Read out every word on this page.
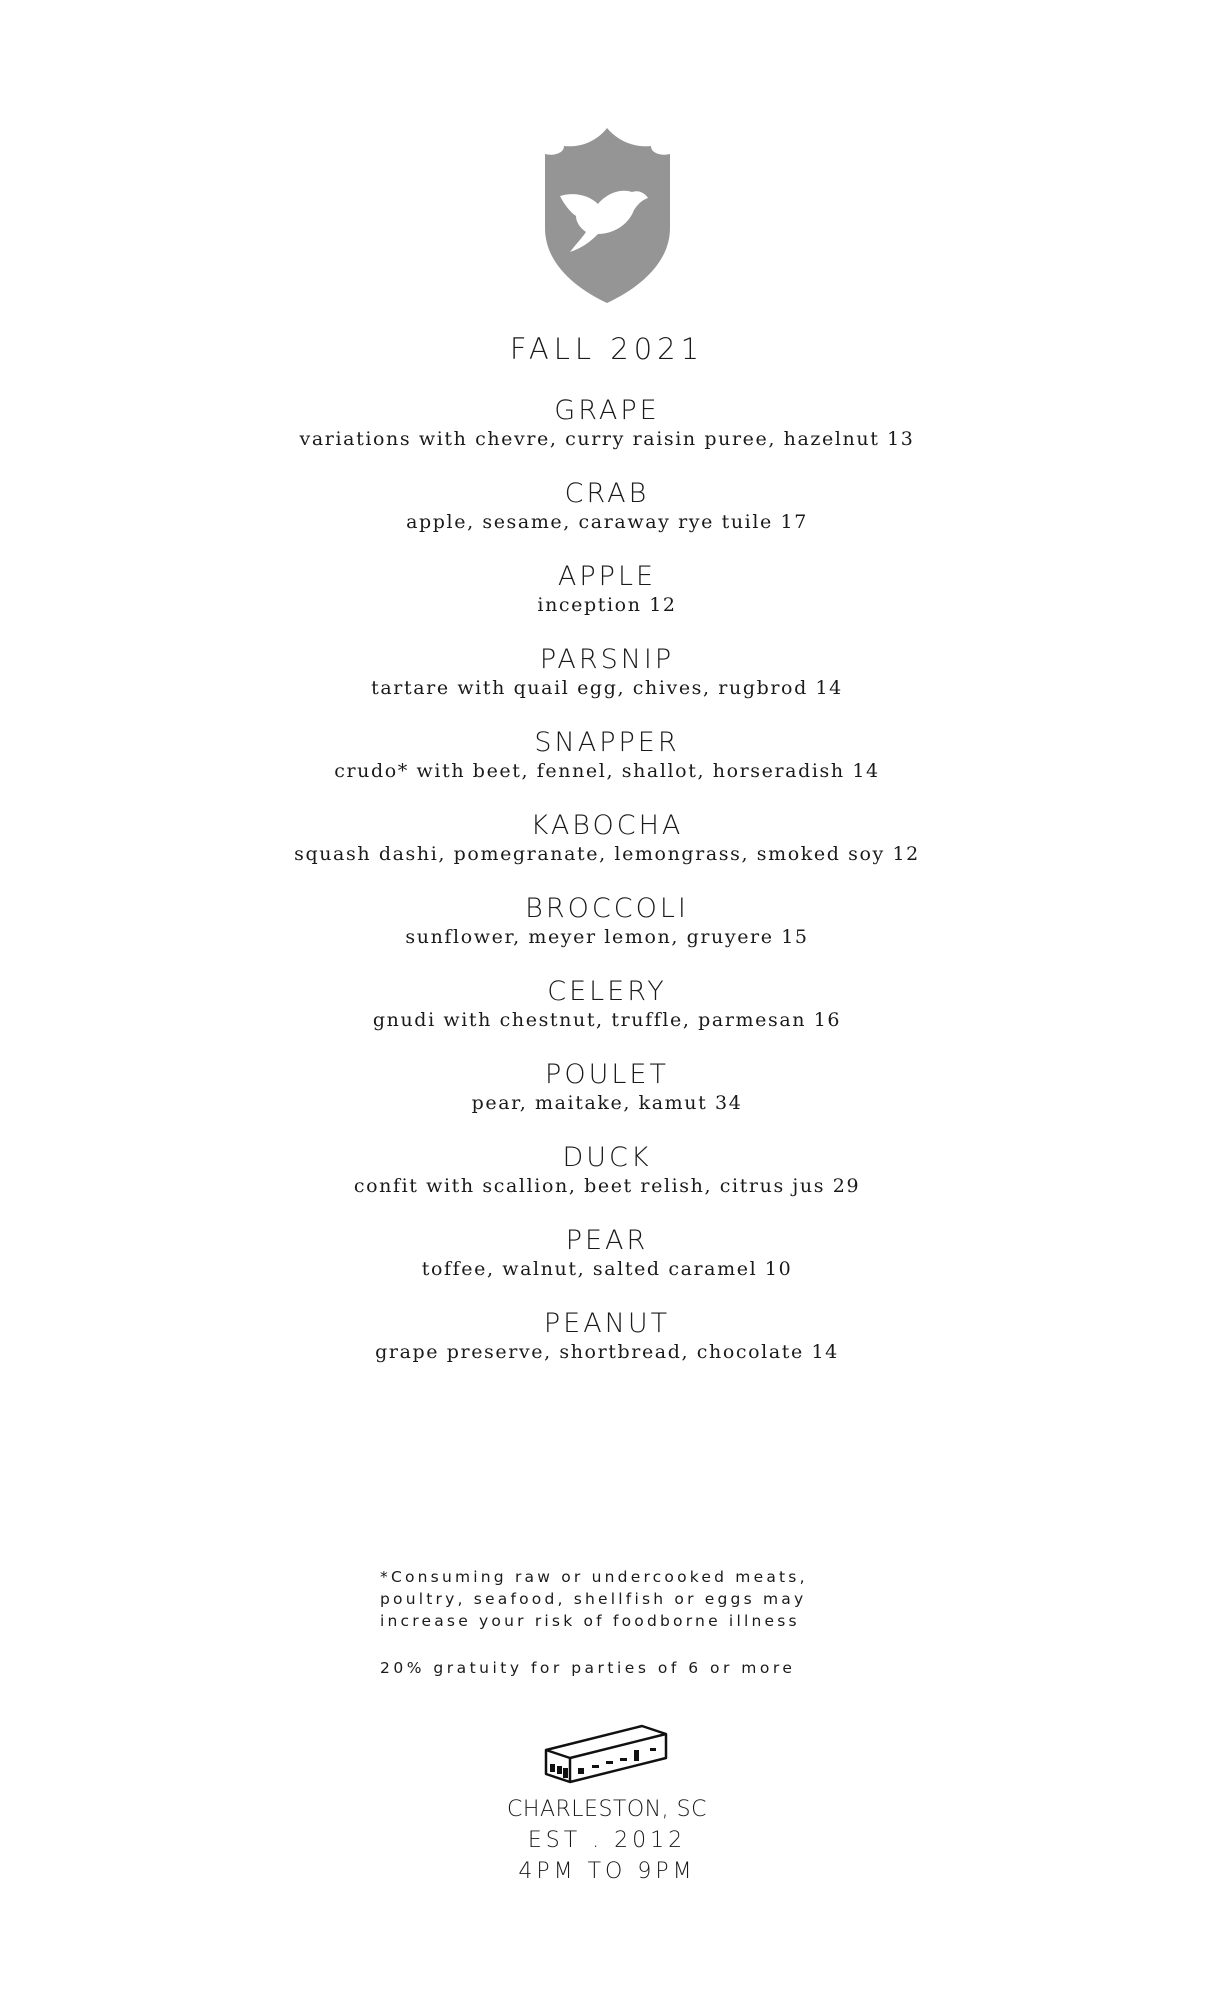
FALL 2021
GRAPE
variations with chevre, curry raisin puree, hazelnut 13
CRAB
apple, sesame, caraway rye tuile 17
APPLE
inception 12
PARSNIP
tartare with quail egg, chives, rugbrod 14
SNAPPER
crudo* with beet, fennel, shallot, horseradish 14
KABOCHA
squash dashi, pomegranate, lemongrass, smoked soy 12
BROCCOLI
sunflower, meyer lemon, gruyere 15
CELERY
gnudi with chestnut, truffle, parmesan 16
POULET
pear, maitake, kamut 34
DUCK
confit with scallion, beet relish, citrus jus 29
PEAR
toffee, walnut, salted caramel 10
PEANUT
grape preserve, shortbread, chocolate 14
*Consuming raw or undercooked meats,
poultry, seafood, shellfish or eggs may
increase your risk of foodborne illness
20% gratuity for parties of 6 or more
CHARLESTON, SC
EST . 2012
4PM TO 9PM
